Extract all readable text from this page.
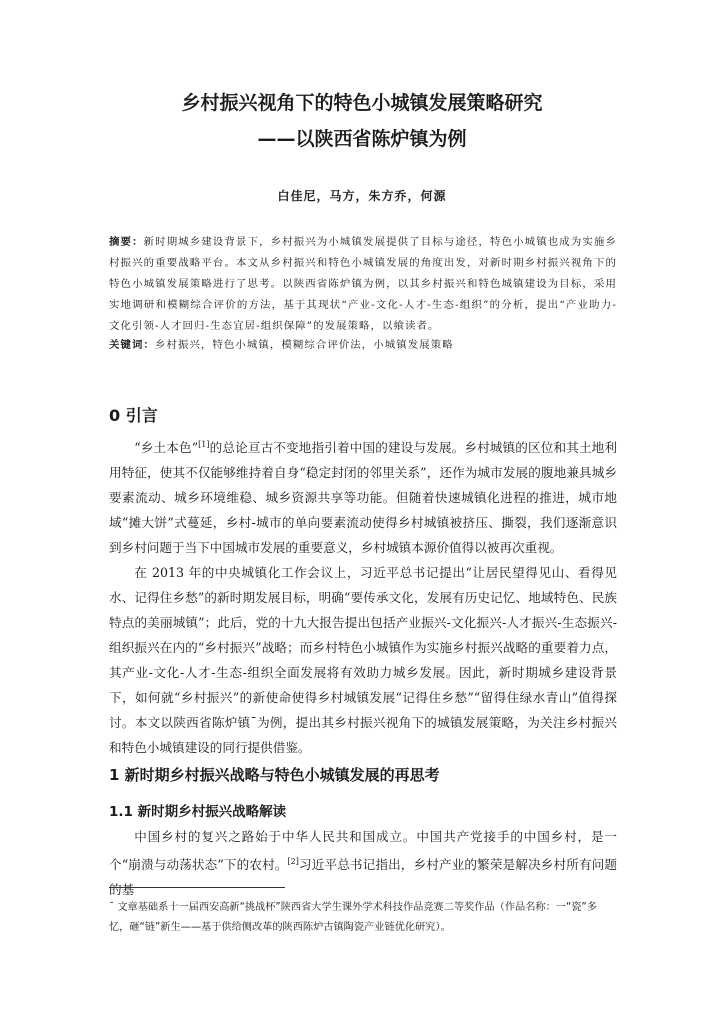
乡村振兴视角下的特色小城镇发展策略研究
——以陕西省陈炉镇为例
白佳尼，马方，朱方乔，何源
摘要：新时期城乡建设背景下，乡村振兴为小城镇发展提供了目标与途径，特色小城镇也成为实施乡村振兴的重要战略平台。本文从乡村振兴和特色小城镇发展的角度出发，对新时期乡村振兴视角下的特色小城镇发展策略进行了思考。以陕西省陈炉镇为例，以其乡村振兴和特色城镇建设为目标，采用实地调研和模糊综合评价的方法，基于其现状“产业-文化-人才-生态-组织”的分析，提出“产业助力-文化引领-人才回归-生态宜居-组织保障”的发展策略，以飨读者。
关键词：乡村振兴，特色小城镇，模糊综合评价法，小城镇发展策略
0 引言

“乡土本色”[1]的总论亘古不变地指引着中国的建设与发展。乡村城镇的区位和其土地利用特征，使其不仅能够维持着自身“稳定封闭的邻里关系”，还作为城市发展的腹地兼具城乡要素流动、城乡环境维稳、城乡资源共享等功能。但随着快速城镇化进程的推进，城市地域“摊大饼”式蔓延，乡村-城市的单向要素流动使得乡村城镇被挤压、撕裂，我们逐渐意识到乡村问题于当下中国城市发展的重要意义，乡村城镇本源价值得以被再次重视。

在 2013 年的中央城镇化工作会议上，习近平总书记提出“让居民望得见山、看得见水、记得住乡愁”的新时期发展目标，明确“要传承文化，发展有历史记忆、地域特色、民族特点的美丽城镇”；此后，党的十九大报告提出包括产业振兴-文化振兴-人才振兴-生态振兴-组织振兴在内的“乡村振兴”战略；而乡村特色小城镇作为实施乡村振兴战略的重要着力点，其产业-文化-人才-生态-组织全面发展将有效助力城乡发展。因此，新时期城乡建设背景下，如何就“乡村振兴”的新使命使得乡村城镇发展“记得住乡愁”“留得住绿水青山”值得探讨。本文以陕西省陈炉镇¯为例，提出其乡村振兴视角下的城镇发展策略，为关注乡村振兴和特色小城镇建设的同行提供借鉴。

1 新时期乡村振兴战略与特色小城镇发展的再思考
1.1 新时期乡村振兴战略解读

中国乡村的复兴之路始于中华人民共和国成立。中国共产党接手的中国乡村，是一个“崩溃与动荡状态”下的农村。[2]习近平总书记指出，乡村产业的繁荣是解决乡村所有问题的基

¯ 文章基础系十一届西安高新“挑战杯”陕西省大学生课外学术科技作品竞赛二等奖作品（作品名称：一“瓷”多忆，砸“链”新生——基于供给侧改革的陕西陈炉古镇陶瓷产业链优化研究）。
